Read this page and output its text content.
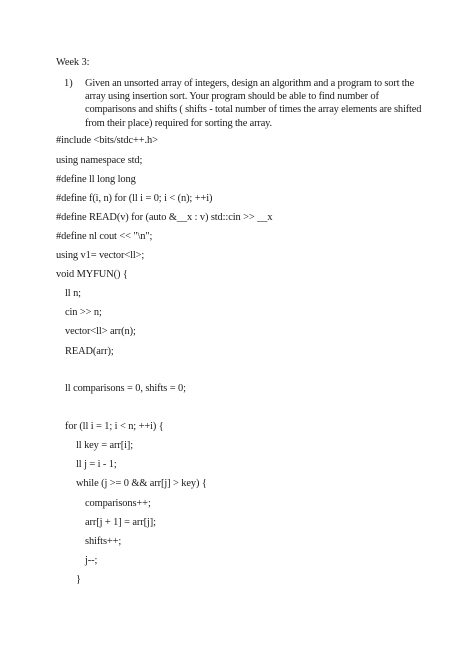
Week 3:
1) Given an unsorted array of integers, design an algorithm and a program to sort the
array using insertion sort. Your program should be able to find number of
comparisons and shifts ( shifts - total number of times the array elements are shifted
from their place) required for sorting the array.
#include <bits/stdc++.h>
using namespace std;
#define ll long long
#define f(i, n) for (ll i = 0; i < (n); ++i)
#define READ(v) for (auto &__x : v) std::cin >> __x
#define nl cout << "\n";
using v1= vector<ll>;
void MYFUN() {
ll n;
cin >> n;
vector<ll> arr(n);
READ(arr);
ll comparisons = 0, shifts = 0;
for (ll i = 1; i < n; ++i) {
ll key = arr[i];
ll j = i - 1;
while (j >= 0 && arr[j] > key) {
comparisons++;
arr[j + 1] = arr[j];
shifts++;
j--;
}
